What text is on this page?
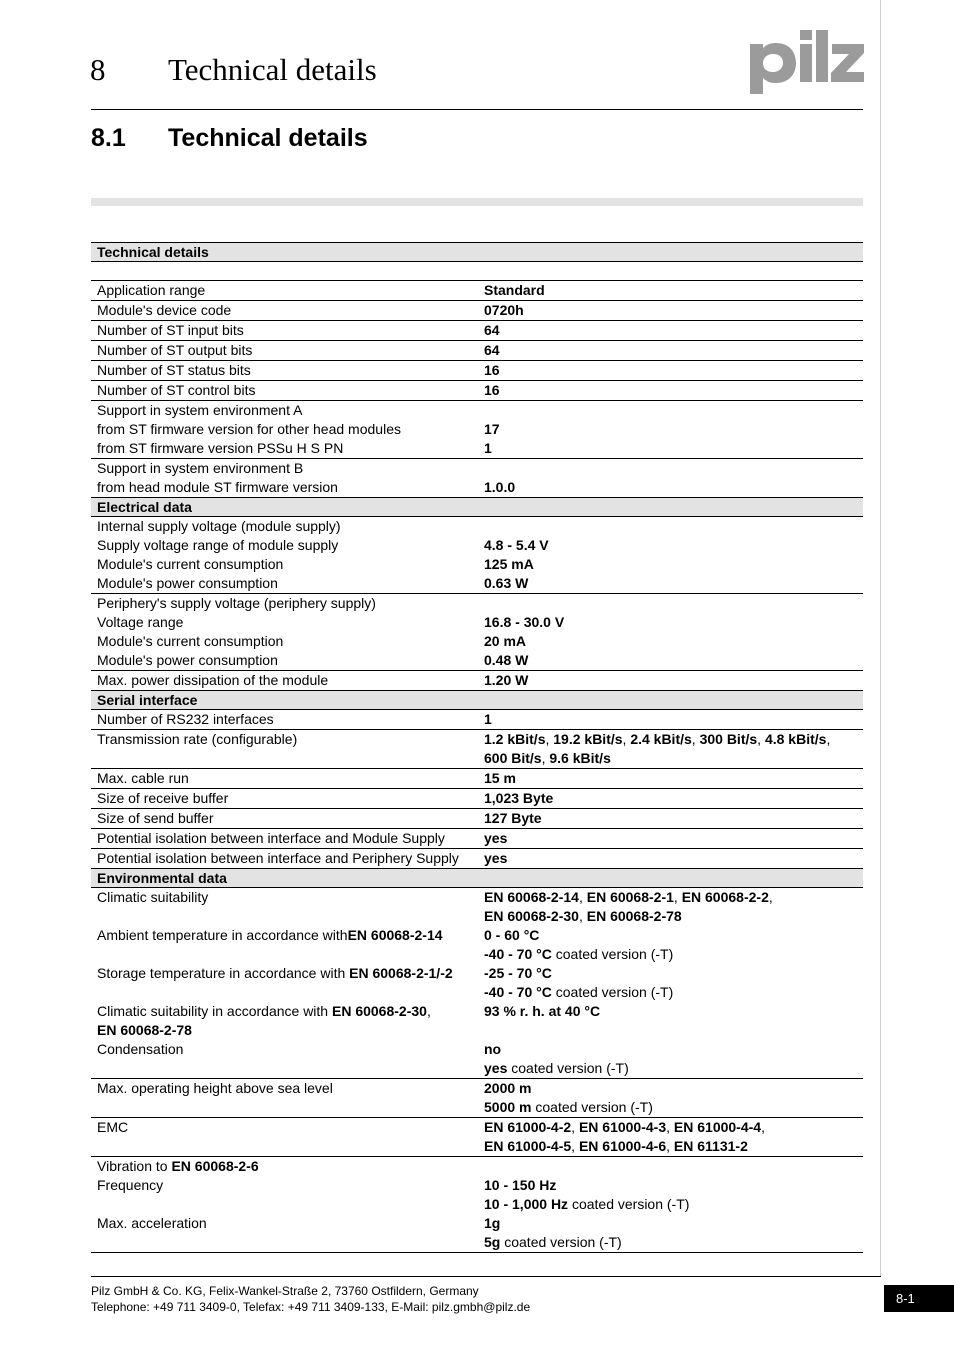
8 Technical details
8.1 Technical details
Technical details	

Application range	Standard
Module's device code	0720h
Number of ST input bits	64
Number of ST output bits	64
Number of ST status bits	16
Number of ST control bits	16
Support in system environment A	
from ST firmware version for other head modules	17
from ST firmware version PSSu H S PN	1
Support in system environment B	
from head module ST firmware version	1.0.0
Electrical data	
Internal supply voltage (module supply)	
Supply voltage range of module supply	4.8 - 5.4 V
Module's current consumption	125 mA
Module's power consumption	0.63 W
Periphery's supply voltage (periphery supply)	
Voltage range	16.8 - 30.0 V
Module's current consumption	20 mA
Module's power consumption	0.48 W
Max. power dissipation of the module	1.20 W
Serial interface	
Number of RS232 interfaces	1
Transmission rate (configurable)	1.2 kBit/s, 19.2 kBit/s, 2.4 kBit/s, 300 Bit/s, 4.8 kBit/s,
600 Bit/s, 9.6 kBit/s
Max. cable run	15 m
Size of receive buffer	1,023 Byte
Size of send buffer	127 Byte
Potential isolation between interface and Module Supply	yes
Potential isolation between interface and Periphery Supply	yes
Environmental data	
Climatic suitability	EN 60068-2-14, EN 60068-2-1, EN 60068-2-2,
EN 60068-2-30, EN 60068-2-78
Ambient temperature in accordance withEN 60068-2-14	0 - 60 °C
-40 - 70 °C coated version (-T)
Storage temperature in accordance with EN 60068-2-1/-2	-25 - 70 °C
-40 - 70 °C coated version (-T)
Climatic suitability in accordance with EN 60068-2-30,
EN 60068-2-78	93 % r. h. at 40 °C
Condensation	no
yes coated version (-T)
Max. operating height above sea level	2000 m
5000 m coated version (-T)
EMC	EN 61000-4-2, EN 61000-4-3, EN 61000-4-4,
EN 61000-4-5, EN 61000-4-6, EN 61131-2
Vibration to EN 60068-2-6	
Frequency	10 - 150 Hz
10 - 1,000 Hz coated version (-T)
Max. acceleration	1g
5g coated version (-T)
Pilz GmbH & Co. KG, Felix-Wankel-Straße 2, 73760 Ostfildern, Germany
Telephone: +49 711 3409-0, Telefax: +49 711 3409-133, E-Mail: pilz.gmbh@pilz.de
8-1
